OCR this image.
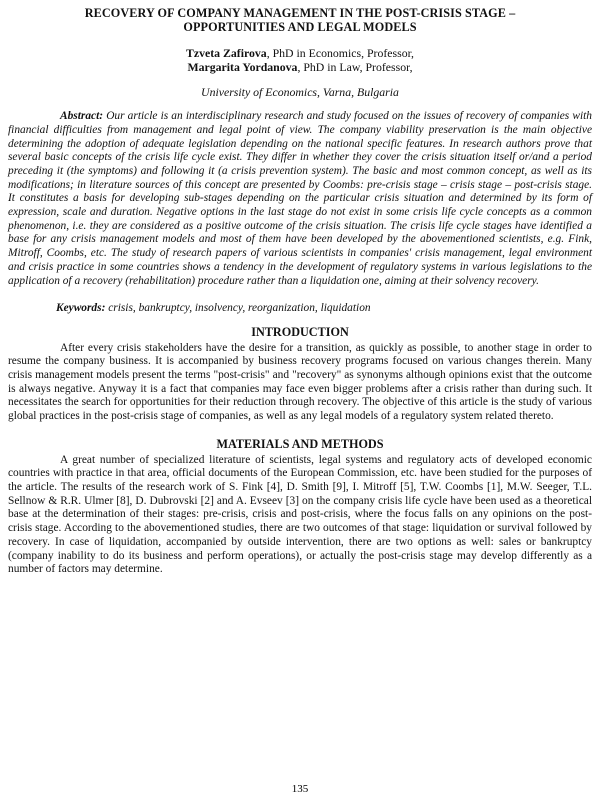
RECOVERY OF COMPANY MANAGEMENT IN THE POST-CRISIS STAGE –
OPPORTUNITIES AND LEGAL MODELS

Tzveta Zafirova, PhD in Economics, Professor,
Margarita Yordanova, PhD in Law, Professor,

University of Economics, Varna, Bulgaria

Abstract: Our article is an interdisciplinary research and study focused on the issues of recovery of companies with financial difficulties from management and legal point of view. The company viability preservation is the main objective determining the adoption of adequate legislation depending on the national specific features. In research authors prove that several basic concepts of the crisis life cycle exist. They differ in whether they cover the crisis situation itself or/and a period preceding it (the symptoms) and following it (a crisis prevention system). The basic and most common concept, as well as its modifications; in literature sources of this concept are presented by Coombs: pre-crisis stage – crisis stage – post-crisis stage. It constitutes a basis for developing sub-stages depending on the particular crisis situation and determined by its form of expression, scale and duration. Negative options in the last stage do not exist in some crisis life cycle concepts as a common phenomenon, i.e. they are considered as a positive outcome of the crisis situation. The crisis life cycle stages have identified a base for any crisis management models and most of them have been developed by the abovementioned scientists, e.g. Fink, Mitroff, Coombs, etc. The study of research papers of various scientists in companies' crisis management, legal environment and crisis practice in some countries shows a tendency in the development of regulatory systems in various legislations to the application of a recovery (rehabilitation) procedure rather than a liquidation one, aiming at their solvency recovery.

Keywords: crisis, bankruptcy, insolvency, reorganization, liquidation

INTRODUCTION

After every crisis stakeholders have the desire for a transition, as quickly as possible, to another stage in order to resume the company business. It is accompanied by business recovery programs focused on various changes therein. Many crisis management models present the terms "post-crisis" and "recovery" as synonyms although opinions exist that the outcome is always negative. Anyway it is a fact that companies may face even bigger problems after a crisis rather than during such. It necessitates the search for opportunities for their reduction through recovery. The objective of this article is the study of various global practices in the post-crisis stage of companies, as well as any legal models of a regulatory system related thereto.

MATERIALS AND METHODS

A great number of specialized literature of scientists, legal systems and regulatory acts of developed economic countries with practice in that area, official documents of the European Commission, etc. have been studied for the purposes of the article. The results of the research work of S. Fink [4], D. Smith [9], I. Mitroff [5], T.W. Coombs [1], M.W. Seeger, T.L. Sellnow & R.R. Ulmer [8], D. Dubrovski [2] and A. Evseev [3] on the company crisis life cycle have been used as a theoretical base at the determination of their stages: pre-crisis, crisis and post-crisis, where the focus falls on any opinions on the post-crisis stage. According to the abovementioned studies, there are two outcomes of that stage: liquidation or survival followed by recovery. In case of liquidation, accompanied by outside intervention, there are two options as well: sales or bankruptcy (company inability to do its business and perform operations), or actually the post-crisis stage may develop differently as a number of factors may determine.

135
